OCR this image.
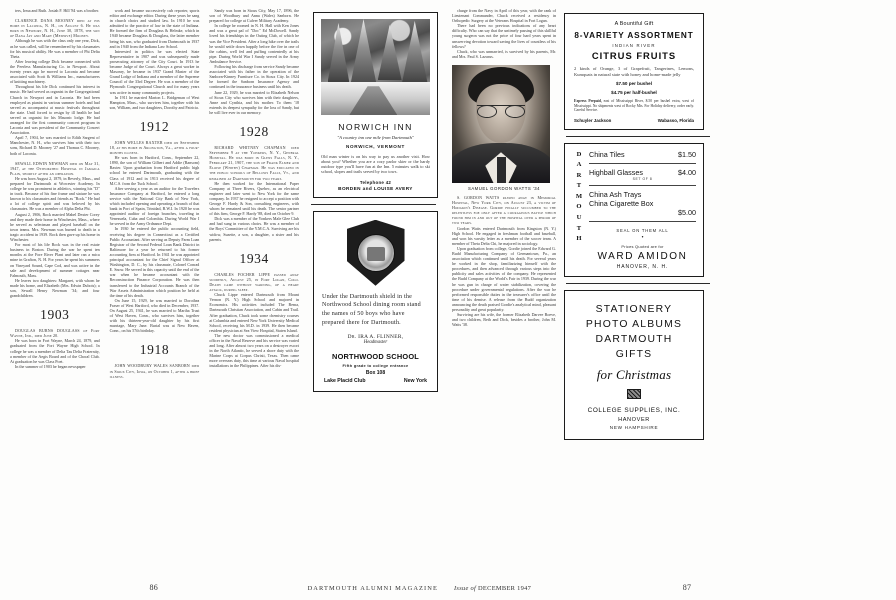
ters, Irma and Ruth. Josiah F. Hill '84 was a brother.

CLARENCE DANA MOONEY died at his home in Laconia, N. H., on August 6. He was born in Newport, N. H., June 30, 1878, the son of Dana Jay and Mary (Meserve) Mooney.

Although he was with the class only one year, Dick, as he was called, will be remembered by his classmates for his musical ability. He was a member of Phi Delta Theta.

After leaving college Dick became connected with the Peerless Manufacturing Co. in Newport. About twenty years ago he moved to Laconia and became associated with Scott & Williams Inc., manufacturers of knitting machinery.

Throughout his life Dick continued his interest in music. He had served as organist in the Congregational Church in Newport and in Laconia. He had been employed as pianist in various summer hotels and had served as accompanist at music festivals throughout the state. Until forced to resign by ill health he had served as organist for his Masonic lodge. He had arranged for the first community concert program in Laconia and was president of the Community Concert Association.

April 7, 1904, he was married to Edith Sargent of Manchester, N. H., who survives him with their two sons, Richard D. Mooney '27 and Thomas C. Mooney, both of Laconia.

SEWALL EDWIN NEWMAN died on May 31, 1947, at the Osteopathic Hospital in Jamaica Plain, shortly after an operation.

He was born August 2, 1879, in Beverly, Mass., and prepared for Dartmouth at Worcester Academy. In college he was prominent in athletics, winning his "D" in track. Because of his fine frame and stature he was known to his classmates and friends as "Rock." He had a lot of college spirit and was beloved by his classmates. He was a member of Alpha Delta Phi.

August 2, 1906, Rock married Mabel Dexter Corey and they made their home in Winchester, Mass., where he served as selectman and played baseball on the town teams. Mrs. Newman was burned to death in a tragic accident in 1939. Rock then gave up his home in Winchester.

For most of his life Rock was in the real estate business in Boston. During the war he spent ten months at the Fore River Plant and later ran a mica mine in Grafton, N. H. For years he spent his summers on Vineyard Sound, Cape Cod, and was active in the sale and development of summer cottages near Falmouth, Mass.

He leaves two daughters: Margaret, with whom he made his home, and Elizabeth (Mrs. Edwin Dubois); a son, Sewall Henry Newman '34; and four grandchildren.

1903

DOUGLAS BURNS DOUGLASS of Fort Wayne, Ind., died June 20.

He was born in Fort Wayne, March 24, 1879, and graduated from the Fort Wayne High School. In college he was a member of Delta Tau Delta Fraternity, a member of the Aegis Board and of the Choral Club. At graduation he was Class Poet.

In the summer of 1903 he began newspaper

work and became successively cub reporter, sports editor and exchange editor. During these years he sang in church choirs and studied law. In 1910 he was admitted to the practice of law in the state of Indiana. He formed the firm of Douglass & Helmke, which in 1940 became Douglass & Douglass, the latter member being his son, who graduated from Dartmouth in 1937 and in 1940 from the Indiana Law School.

Interested in politics he was elected State Representative in 1907 and was subsequently made prosecuting attorney of the City Court. In 1913 he became Judge of the Court. Always a great worker in Masonry, he became in 1937 Grand Master of the Grand Lodge of Indiana and a member of the Supreme Council of the 33rd Degree. He was a member of the Plymouth Congregational Church and for many years was active in many community projects.

In 1911 he married Marion L. Bridgeman of West Hampton, Mass., who survives him, together with his son, William, and two daughters, Dorothy and Patricia.

1912

JOHN WELLES BAXTER died on September 18, at his home in Arlington, Va., after a four-months illness.

He was born in Hartford, Conn., September 22, 1890, the son of William Gilbert and Addie (Ransom) Baxter. Upon graduation from Hartford public high school he entered Dartmouth, graduating with the Class of 1912 and in 1913 received his degree of M.C.S. from the Tuck School.

After serving a year as an auditor for the Travelers Insurance Company at Hartford, he entered a long service with the National City Bank of New York, which included opening and operating a branch of that bank in Port of Spain, Trinidad, B.W.I. In 1920 he was appointed auditor of foreign branches, traveling in Venezuela, Cuba and Colombia. During World War I he served in the Army Ordnance Dept.

In 1930 he entered the public accounting field, receiving his degree in Connecticut as a Certified Public Accountant. After serving as Deputy Farm Loan Registrar of the Second Federal Loan Bank District in Baltimore for a year he returned to his former accounting firm at Hartford. In 1941 he was appointed principal accountant for the Chief Signal Officer at Washington, D. C., by his classmate, Colonel Conrad E. Snow. He served in this capacity until the end of the war when he became accountant with the Reconstruction Finance Corporation. He was then transferred to the Industrial Accounts Branch of the War Assets Administration which position he held at the time of his death.

On June 15, 1929, he was married to Dorothea Fraser of West Hartford, who died in December, 1937. On August 25, 1941, he was married to Martha Trust of West Haven, Conn., who survives him, together with his thirteen-year-old daughter by his first marriage, Mary Jane. Burial was at New Haven, Conn., on his 57th birthday.

1918

JOHN WOODBURY WALES SANBORN died in Sioux City, Iowa, on October 1, after a brief illness.

Sandy was born in Sioux City, May 17, 1896, the son of Woodbury and Anna (Wales) Sanborn. He prepared for college at Culver Military Academy.

In college he roomed in N. H. Hall with Ken Jones and was a great pal of "Doc" Ed McDowell. Sandy loved his friendships in the Outing Club, of which he was the Vice President. After a long hike over the trails he would settle down happily before the fire in one of the cabins, well fed and puffing contentedly at his pipe. During World War I Sandy served in the Army Ambulance Service.

Following his discharge from service Sandy became associated with his father in the operation of the Sanborn-Kinney Furniture Co. in Sioux City. In 1924 he formed the Sanborn Insurance Agency and continued in the insurance business until his death.

June 22, 1929, he was married to Elizabeth Nelson of Sioux City who survives him with their daughters, Anne and Cynthia, and his mother. To them '18 extends its deepest sympathy for the loss of Sandy, but he will live ever in our memory.

1928

RICHARD WHITNEY CHAPMAN died September 9 at the Yonkers, N. Y., General Hospital. He was born in Glens Falls, N. Y., February 21, 1907, the son of Frank Elmer and Eloise (Whitby) Chapman. He was educated in the public schools of Bellows Falls, Vt., and remained at Dartmouth for two years.

He then worked for the International Paper Company at Three Rivers, Quebec, as an electrical engineer and later went to New York for the same company. In 1937 he resigned to accept a position with George F. Hardy & Son, consulting engineers, with whom he remained until his death. The senior partner of this firm, George F. Hardy '88, died on October 9.

Dick was a member of the Yonkers Male Glee Club and had sung in various choirs. He was a member of the Boys' Committee of the Y.M.C.A. Surviving are his widow, Suzette, a son, a daughter, a sister and his parents.

1934

CHARLES FOCHER LIPPE passed away suddenly, August 25, in Fort Logan, Colo. Death came without warning, of a heart attack, during sleep.

Chuck Lippe entered Dartmouth from Mount Vernon (N. Y.) High School and majored in Economics. His activities included The Bema, Dartmouth Christian Association, and Cabin and Trail. After graduation, Chuck took some chemistry courses at Columbia and entered New York University Medical School, receiving his M.D. in 1939. He then became resident physician at Sea View Hospital, Staten Island.

The new doctor was commissioned a medical officer in the Naval Reserve and his service was varied and long. After almost two years on a destroyer escort in the North Atlantic, he served a shore duty with the Marine Corps at Corpus Christi, Texas. Then came more overseas duty, this time at various Naval hospital installations in the Philippines. After his dis-

NORWICH INN
"A country inn one mile from Dartmouth"
NORWICH, VERMONT
Old man winter is on his way to pay us another visit. How about you? Whether you are a cozy parlor skier or the hardy outdoor type you'll have fun at the Inn. 5 minutes walk to ski school, slopes and trails served by two tows.
Telephone 42
BORDEN and LOUISE AVERY
Under the Dartmouth shield in the Northwood School dining room stand the names of 50 boys who have prepared there for Dartmouth.
Dr. IRA A. FLINNER,
Headmaster
NORTHWOOD SCHOOL
Fifth grade to college entrance
Box 108
Lake Placid Club	New York
86	DARTMOUTH ALUMNI MAGAZINE

charge from the Navy in April of this year, with the rank of Lieutenant Commander, Chuck received a residency in Orthopedic Surgery at the Veterans Hospital in Fort Logan.

There had been no previous indications of any heart difficulty. Who can say that the untimely passing of this skillful young surgeon was not the price of four hard years spent in unswerving devotion toward saving the lives of countless of his fellows?

Chuck, who was unmarried, is survived by his parents, Mr. and Mrs. Paul S. Lazarus.

SAMUEL GORDON WATTS '34

S. GORDON WATTS passed away in Memorial Hospital, New York City, on August 23, a victim of Hodgkin's Disease. Gordie finally succumbed to the relentless foe only after a courageous battle which found him in and out of the hospital over a period of two years.

Gordon Watts entered Dartmouth from Kingston (N. Y.) High School. He engaged in freshman football and baseball, and won his varsity letter as a member of the soccer team. A member of Theta Delta Chi, he majored in sociology.

Upon graduation from college, Gordie joined the Edward G. Budd Manufacturing Company of Germantown, Pa., an association which continued until his death. For several years he worked in the shop, familiarizing himself with the procedures, and then advanced through various steps into the publicity and sales activities of the company. He represented the Budd Company at the World's Fair in 1939. During the war he was gun in charge of water stabilization, covering the procedure under governmental regulations. After the war he performed responsible duties in the treasurer's office until the time of his demise. A release from the Budd organization announcing the death praised Gordie's analytical mind, pleasant personality and great popularity.

Surviving are his wife, the former Elizabeth Darvee Boeve, and two children, Beth and Dick, besides a brother, John M. Watts '38.

A Bountiful Gift
8-VARIETY ASSORTMENT
INDIAN RIVER
CITRUS FRUITS
2 kinds of Orange, 3 of Grapefruit, Tangerines, Lemons, Kumquats in natural state with honey and home-made jelly
$7.50 per bushel
$4.75 per half-bushel
Express Prepaid, east of Mississippi River, $.50 per bushel extra, west of Mississippi. No shipments west of Rocky Mts. For Holiday delivery, order early. Careful Service.
Schuyler Jackson	Wabasso, Florida
D
A
R
T
M
O
U
T
H
China Tiles	$1.50
Highball Glasses	$4.00
SET OF 8
China Ash Trays
China Cigarette Box
$5.00
SEAL ON THEM ALL
•
Prices Quoted are for
WARD AMIDON
HANOVER, N. H.
STATIONERY
PHOTO ALBUMS
DARTMOUTH
GIFTS
for Christmas
COLLEGE SUPPLIES, INC.
HANOVER
NEW HAMPSHIRE
Issue of DECEMBER 1947	87
